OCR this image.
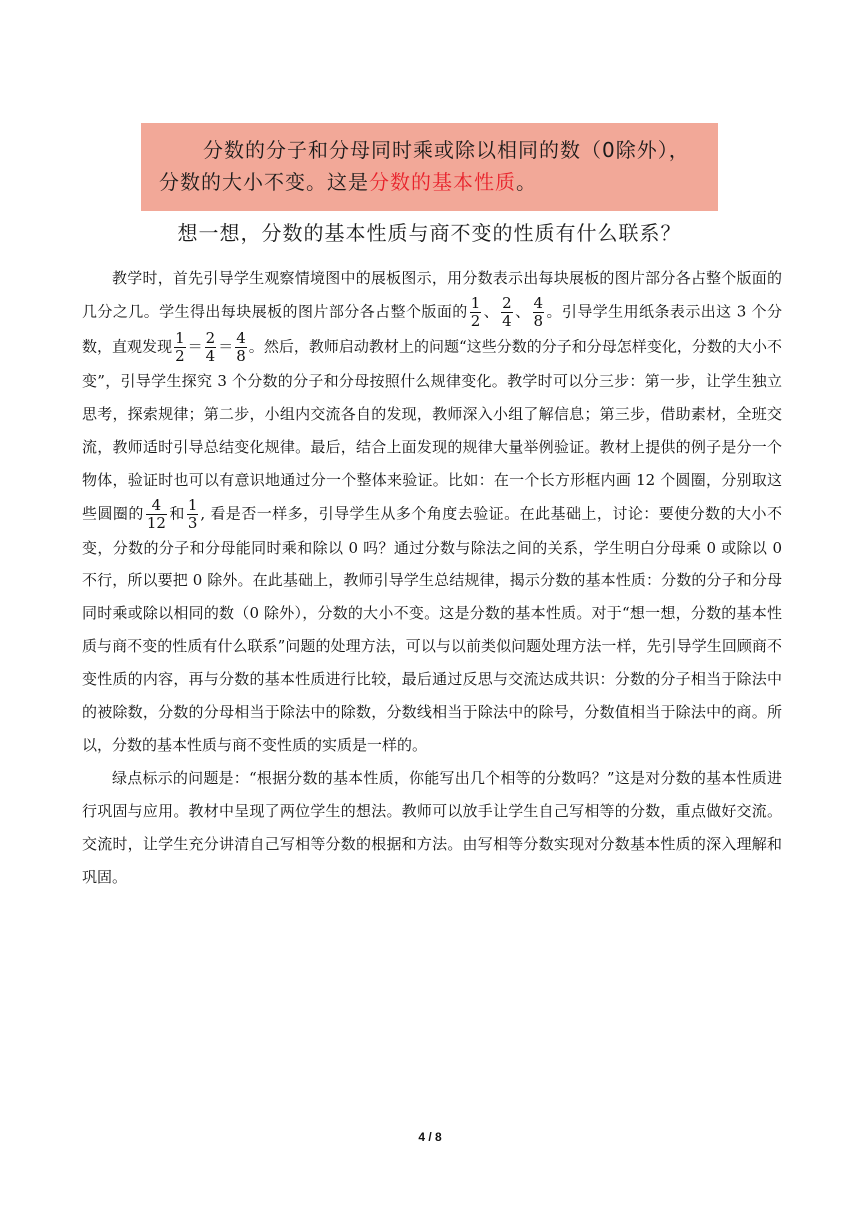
分数的分子和分母同时乘或除以相同的数（0除外），
分数的大小不变。这是分数的基本性质。
想一想，分数的基本性质与商不变的性质有什么联系？

教学时，首先引导学生观察情境图中的展板图示，用分数表示出每块展板的图片部分各占整个版面的几分之几。学生得出每块展板的图片部分各占整个版面的 $\frac{1}{2}$ 、 $\frac{2}{4}$ 、 $\frac{4}{8}$ 。引导学生用纸条表示出这 3 个分数，直观发现 $\frac{1}{2} = \frac{2}{4} = \frac{4}{8}$ 。然后，教师启动教材上的问题“这些分数的分子和分母怎样变化，分数的大小不变”，引导学生探究 3 个分数的分子和分母按照什么规律变化。教学时可以分三步：第一步，让学生独立思考，探索规律；第二步，小组内交流各自的发现，教师深入小组了解信息；第三步，借助素材，全班交流，教师适时引导总结变化规律。最后，结合上面发现的规律大量举例验证。教材上提供的例子是分一个物体，验证时也可以有意识地通过分一个整体来验证。比如：在一个长方形框内画 12 个圆圈，分别取这些圆圈的 $\frac{4}{12}$ 和 $\frac{1}{3}$ , 看是否一样多，引导学生从多个角度去验证。在此基础上，讨论：要使分数的大小不变，分数的分子和分母能同时乘和除以 0 吗？通过分数与除法之间的关系，学生明白分母乘 0 或除以 0 不行，所以要把 0 除外。在此基础上，教师引导学生总结规律，揭示分数的基本性质：分数的分子和分母同时乘或除以相同的数（0 除外），分数的大小不变。这是分数的基本性质。对于“想一想，分数的基本性质与商不变的性质有什么联系”问题的处理方法，可以与以前类似问题处理方法一样，先引导学生回顾商不变性质的内容，再与分数的基本性质进行比较，最后通过反思与交流达成共识：分数的分子相当于除法中的被除数，分数的分母相当于除法中的除数，分数线相当于除法中的除号，分数值相当于除法中的商。所以，分数的基本性质与商不变性质的实质是一样的。

绿点标示的问题是：“根据分数的基本性质，你能写出几个相等的分数吗？”这是对分数的基本性质进行巩固与应用。教材中呈现了两位学生的想法。教师可以放手让学生自己写相等的分数，重点做好交流。交流时，让学生充分讲清自己写相等分数的根据和方法。由写相等分数实现对分数基本性质的深入理解和巩固。

4 / 8
